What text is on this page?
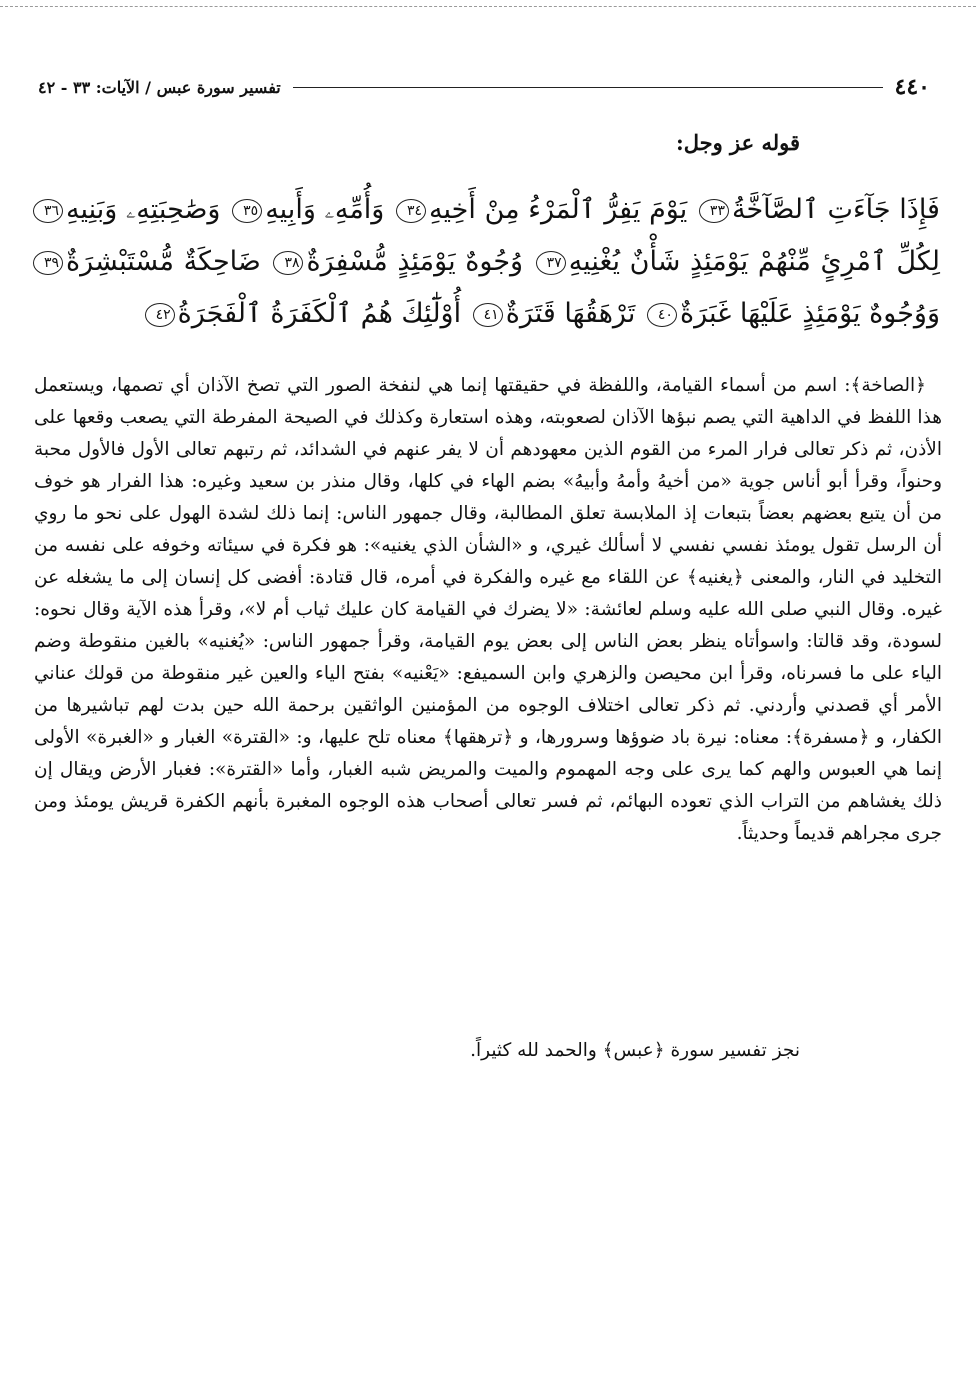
٤٤٠
تفسير سورة عبس / الآيات: ٣٣ - ٤٢
قوله عز وجل:
فَإِذَا جَآءَتِ ٱلصَّآخَّةُ٣٣ يَوْمَ يَفِرُّ ٱلْمَرْءُ مِنْ أَخِيهِ٣٤ وَأُمِّهِۦ وَأَبِيهِ٣٥ وَصَٰحِبَتِهِۦ وَبَنِيهِ٣٦ لِكُلِّ ٱمْرِئٍ مِّنْهُمْ يَوْمَئِذٍ شَأْنٌ يُغْنِيهِ٣٧ وُجُوهٌ يَوْمَئِذٍ مُّسْفِرَةٌ٣٨ ضَاحِكَةٌ مُّسْتَبْشِرَةٌ٣٩ وَوُجُوهٌ يَوْمَئِذٍ عَلَيْهَا غَبَرَةٌ٤٠ تَرْهَقُهَا قَتَرَةٌ٤١ أُوْلَٰٓئِكَ هُمُ ٱلْكَفَرَةُ ٱلْفَجَرَةُ٤٢

﴿الصاخة﴾: اسم من أسماء القيامة، واللفظة في حقيقتها إنما هي لنفخة الصور التي تصخ الآذان أي تصمها، ويستعمل هذا اللفظ في الداهية التي يصم نبؤها الآذان لصعوبته، وهذه استعارة وكذلك في الصيحة المفرطة التي يصعب وقعها على الأذن، ثم ذكر تعالى فرار المرء من القوم الذين معهودهم أن لا يفر عنهم في الشدائد، ثم رتبهم تعالى الأول فالأول محبة وحنواً، وقرأ أبو أناس جوية «من أخيهُ وأمهُ وأبيهُ» بضم الهاء في كلها، وقال منذر بن سعيد وغيره: هذا الفرار هو خوف من أن يتبع بعضهم بعضاً بتبعات إذ الملابسة تعلق المطالبة، وقال جمهور الناس: إنما ذلك لشدة الهول على نحو ما روي أن الرسل تقول يومئذ نفسي نفسي لا أسألك غيري، و «الشأن الذي يغنيه»: هو فكرة في سيئاته وخوفه على نفسه من التخليد في النار، والمعنى ﴿يغنيه﴾ عن اللقاء مع غيره والفكرة في أمره، قال قتادة: أفضى كل إنسان إلى ما يشغله عن غيره. وقال النبي صلى الله عليه وسلم لعائشة: «لا يضرك في القيامة كان عليك ثياب أم لا»، وقرأ هذه الآية وقال نحوه: لسودة، وقد قالتا: واسوأتاه ينظر بعض الناس إلى بعض يوم القيامة، وقرأ جمهور الناس: «يُغنيه» بالغين منقوطة وضم الياء على ما فسرناه، وقرأ ابن محيصن والزهري وابن السميفع: «يَعْنيه» بفتح الياء والعين غير منقوطة من قولك عناني الأمر أي قصدني وأردني. ثم ذكر تعالى اختلاف الوجوه من المؤمنين الواثقين برحمة الله حين بدت لهم تباشيرها من الكفار، و ﴿مسفرة﴾: معناه: نيرة باد ضوؤها وسرورها، و ﴿ترهقها﴾ معناه تلح عليها، و: «القترة» الغبار و «الغبرة» الأولى إنما هي العبوس والهم كما يرى على وجه المهموم والميت والمريض شبه الغبار، وأما «القترة»: فغبار الأرض ويقال إن ذلك يغشاهم من التراب الذي تعوده البهائم، ثم فسر تعالى أصحاب هذه الوجوه المغبرة بأنهم الكفرة قريش يومئذ ومن جرى مجراهم قديماً وحديثاً.

نجز تفسير سورة ﴿عبس﴾ والحمد لله كثيراً.
